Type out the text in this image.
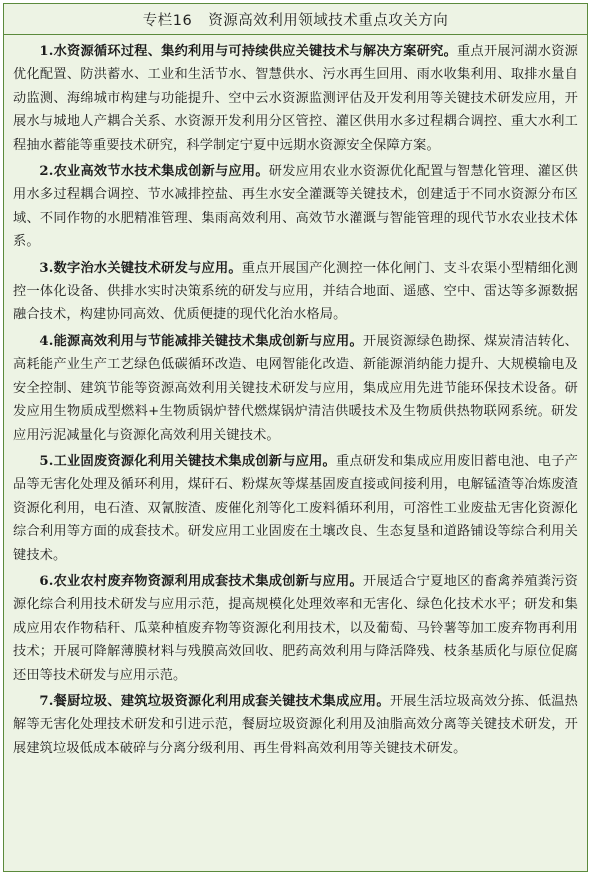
专栏16 资源高效利用领域技术重点攻关方向

1.水资源循环过程、集约利用与可持续供应关键技术与解决方案研究。重点开展河湖水资源优化配置、防洪蓄水、工业和生活节水、智慧供水、污水再生回用、雨水收集利用、取排水量自动监测、海绵城市构建与功能提升、空中云水资源监测评估及开发利用等关键技术研发应用，开展水与城地人产耦合关系、水资源开发利用分区管控、灌区供用水多过程耦合调控、重大水利工程抽水蓄能等重要技术研究，科学制定宁夏中远期水资源安全保障方案。

2.农业高效节水技术集成创新与应用。研发应用农业水资源优化配置与智慧化管理、灌区供用水多过程耦合调控、节水减排控盐、再生水安全灌溉等关键技术，创建适于不同水资源分布区域、不同作物的水肥精准管理、集雨高效利用、高效节水灌溉与智能管理的现代节水农业技术体系。

3.数字治水关键技术研发与应用。重点开展国产化测控一体化闸门、支斗农渠小型精细化测控一体化设备、供排水实时决策系统的研发与应用，并结合地面、遥感、空中、雷达等多源数据融合技术，构建协同高效、优质便捷的现代化治水格局。

4.能源高效利用与节能减排关键技术集成创新与应用。开展资源绿色勘探、煤炭清洁转化、高耗能产业生产工艺绿色低碳循环改造、电网智能化改造、新能源消纳能力提升、大规模输电及安全控制、建筑节能等资源高效利用关键技术研发与应用，集成应用先进节能环保技术设备。研发应用生物质成型燃料+生物质锅炉替代燃煤锅炉清洁供暖技术及生物质供热物联网系统。研发应用污泥减量化与资源化高效利用关键技术。

5.工业固废资源化利用关键技术集成创新与应用。重点研发和集成应用废旧蓄电池、电子产品等无害化处理及循环利用，煤矸石、粉煤灰等煤基固废直接或间接利用，电解锰渣等冶炼废渣资源化利用，电石渣、双氰胺渣、废催化剂等化工废料循环利用，可溶性工业废盐无害化资源化综合利用等方面的成套技术。研发应用工业固废在土壤改良、生态复垦和道路铺设等综合利用关键技术。

6.农业农村废弃物资源利用成套技术集成创新与应用。开展适合宁夏地区的畜禽养殖粪污资源化综合利用技术研发与应用示范，提高规模化处理效率和无害化、绿色化技术水平；研发和集成应用农作物秸秆、瓜菜种植废弃物等资源化利用技术，以及葡萄、马铃薯等加工废弃物再利用技术；开展可降解薄膜材料与残膜高效回收、肥药高效利用与降活降残、枝条基质化与原位促腐还田等技术研发与应用示范。

7.餐厨垃圾、建筑垃圾资源化利用成套关键技术集成应用。开展生活垃圾高效分拣、低温热解等无害化处理技术研发和引进示范，餐厨垃圾资源化利用及油脂高效分离等关键技术研发，开展建筑垃圾低成本破碎与分离分级利用、再生骨料高效利用等关键技术研发。
